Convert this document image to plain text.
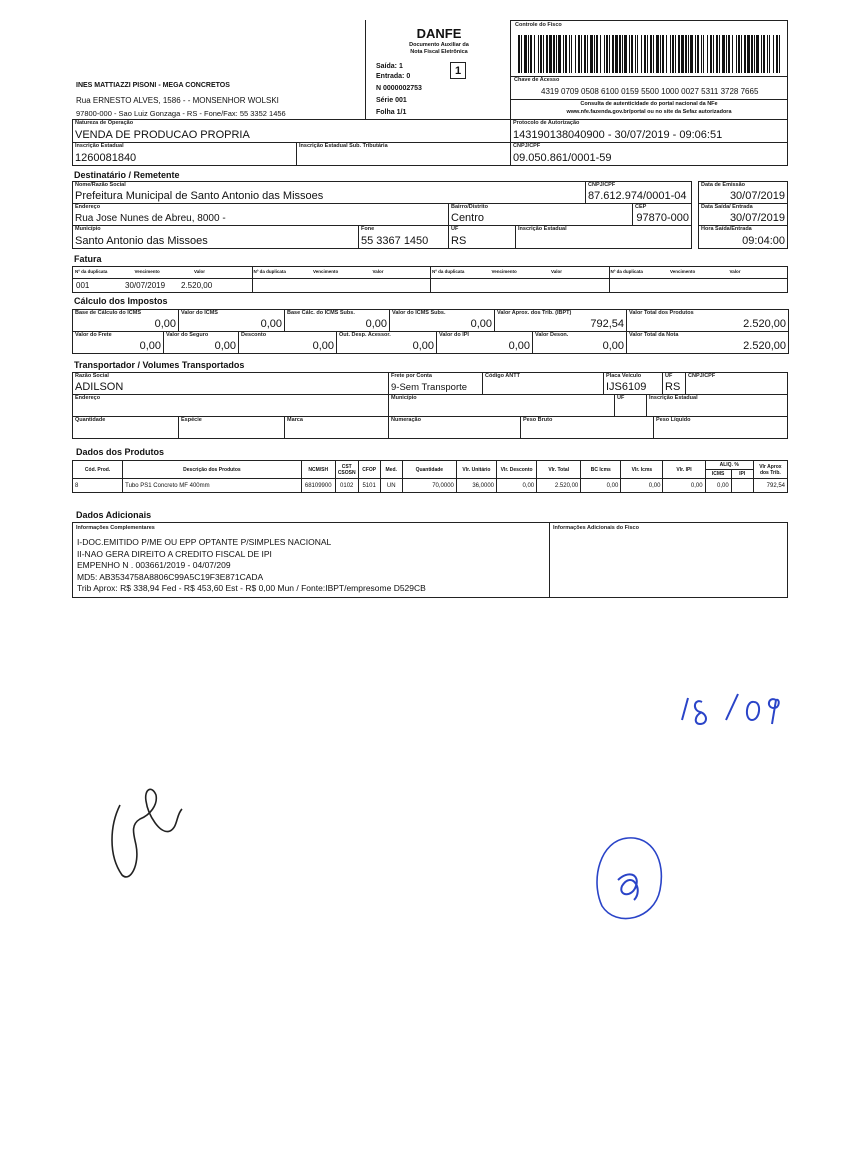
INES MATTIAZZI PISONI - MEGA CONCRETOS
Rua ERNESTO ALVES, 1586 - - MONSENHOR WOLSKI
97800-000 - Sao Luiz Gonzaga - RS - Fone/Fax: 55 3352 1456
DANFE
Documento Auxiliar da
Nota Fiscal Eletrônica
Saída: 1
Entrada: 0	1
N 0000002753
Série 001
Folha 1/1
Controle do Fisco
Chave de Acesso
4319 0709 0508 6100 0159 5500 1000 0027 5311 3728 7665
Consulta de autenticidade do portal nacional da NFe
www.nfe.fazenda.gov.br/portal ou no site da Sefaz autorizadora
Natureza de Operação
VENDA DE PRODUCAO PROPRIA
Protocolo de Autorização
143190138040900 - 30/07/2019 - 09:06:51
Inscrição Estadual
1260081840
Inscrição Estadual Sub. Tributária	CNPJ/CPF
09.050.861/0001-59
Destinatário / Remetente
Nome/Razão Social
Prefeitura Municipal de Santo Antonio das Missoes
CNPJ/CPF
87.612.974/0001-04
Data de Emissão
30/07/2019
Endereço
Rua Jose Nunes de Abreu, 8000 -
Bairro/Distrito
Centro
CEP
97870-000
Data Saída/ Entrada
30/07/2019
Município
Santo Antonio das Missoes
Fone
55 3367 1450
UF
RS
Inscrição Estadual	Hora Saída/Entrada
09:04:00
Fatura
Nº da duplicata	Vencimento	Valor	Nº da duplicata	Vencimento	Valor	Nº da duplicata	Vencimento	Valor	Nº da duplicata	Vencimento	Valor
001	30/07/2019 2.520,00
Cálculo dos Impostos
Base de Cálculo do ICMS
0,00
Valor do ICMS
0,00
Base Cálc. do ICMS Subs.
0,00
Valor do ICMS Subs.
0,00
Valor Aprox. dos Trib. (IBPT)
792,54
Valor Total dos Produtos
2.520,00
Valor do Frete
0,00
Valor do Seguro
0,00
Desconto
0,00
Out. Desp. Acessor.
0,00
Valor do IPI
0,00
Valor Deson.
0,00
Valor Total da Nota
2.520,00
Transportador / Volumes Transportados
Razão Social
ADILSON
Frete por Conta
9-Sem Transporte
Código ANTT	Placa Veículo
IJS6109
UF
RS
CNPJ/CPF
Endereço	Município	UF	Inscrição Estadual
Quantidade	Espécie	Marca	Numeração	Peso Bruto	Peso Líquido
Dados dos Produtos
Cód. Prod.	Descrição dos Produtos	NCM/SH	CST CSOSN	CFOP	Med.	Quantidade	Vlr. Unitário	Vlr. Desconto	Vlr. Total	BC Icms	Vlr. Icms	Vlr. IPI	ALIQ. %		Vlr Aprox dos Trib.
													ICMS	IPI	
8	Tubo PS1 Concreto MF 400mm	68109900	0102	5101	UN	70,0000	36,0000	0,00	2.520,00	0,00	0,00	0,00	0,00		792,54
Dados Adicionais
Informações Complementares
I-DOC.EMITIDO P/ME OU EPP OPTANTE P/SIMPLES NACIONAL
II-NAO GERA DIREITO A CREDITO FISCAL DE IPI
EMPENHO N . 003661/2019 - 04/07/209
MD5: AB3534758A8806C99A5C19F3E871CADA
Trib Aprox: R$ 338,94 Fed - R$ 453,60 Est - R$ 0,00 Mun / Fonte:IBPT/empresome D529CB
Informações Adicionais do Fisco
